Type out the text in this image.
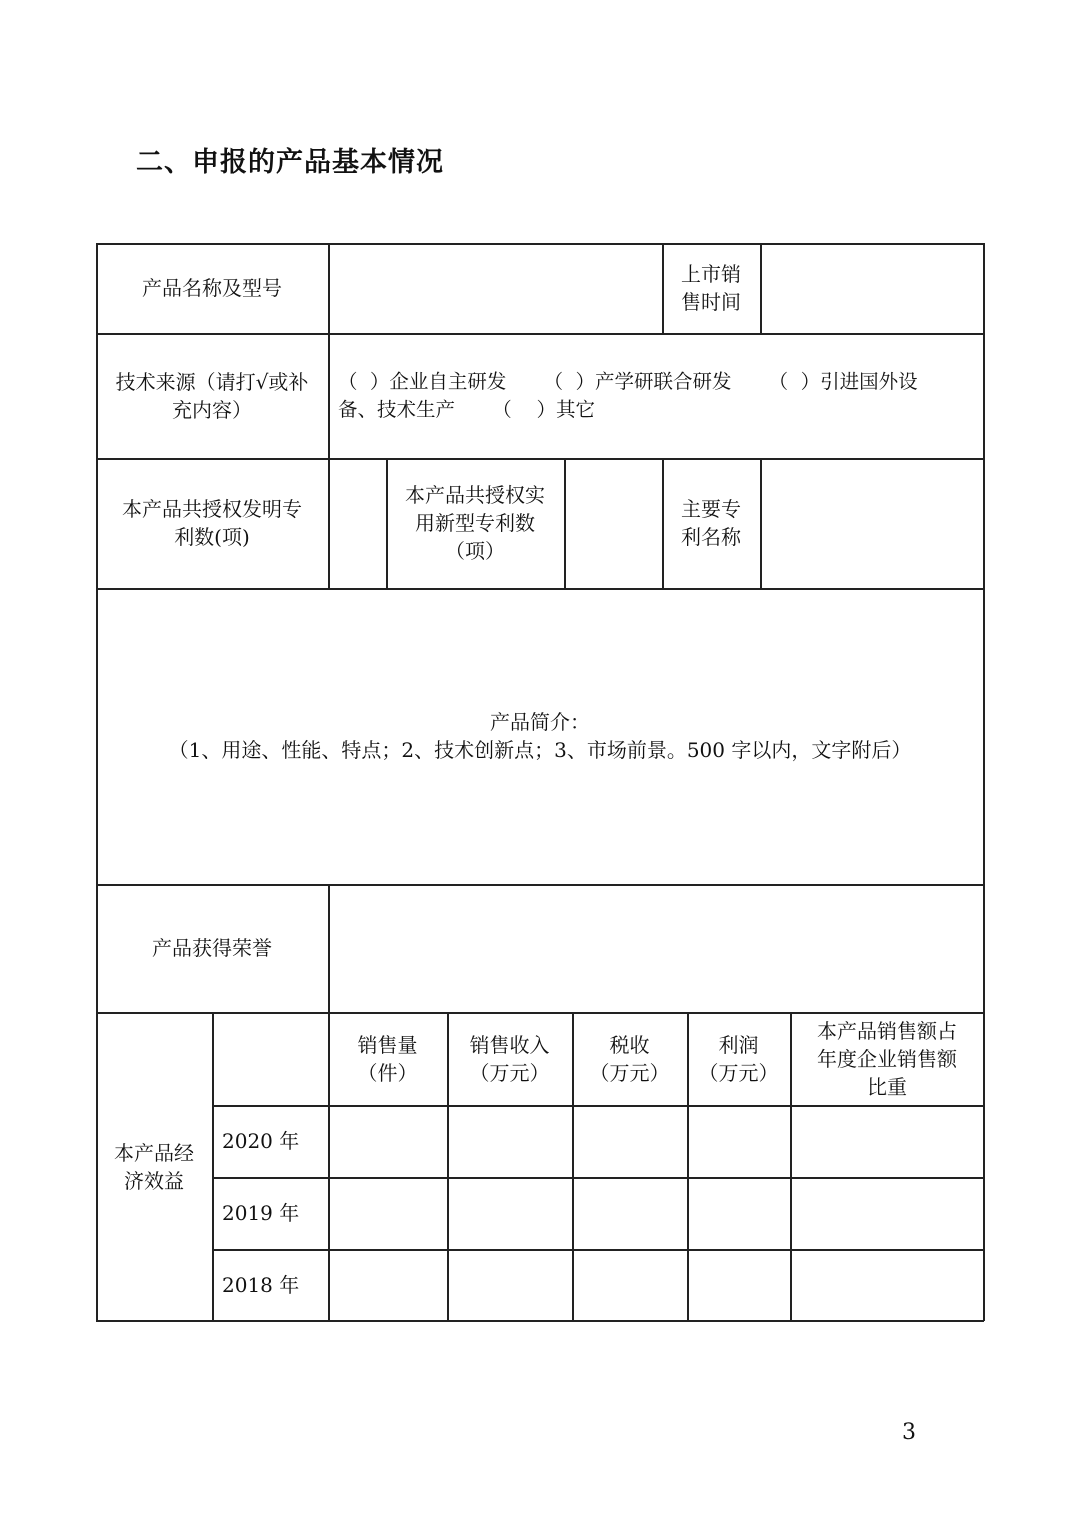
二、申报的产品基本情况
产品名称及型号
上市销
售时间
技术来源（请打√或补
充内容）
（  ）企业自主研发      （  ）产学研联合研发      （  ）引进国外设
备、技术生产      （    ）其它
本产品共授权发明专
利数(项)
本产品共授权实
用新型专利数
（项）
主要专
利名称
产品简介：
（1、用途、性能、特点；2、技术创新点；3、市场前景。500 字以内，文字附后）
产品获得荣誉
本产品经
济效益
销售量
（件）
销售收入
（万元）
税收
（万元）
利润
（万元）
本产品销售额占
年度企业销售额
比重
2020 年
2019 年
2018 年
3
